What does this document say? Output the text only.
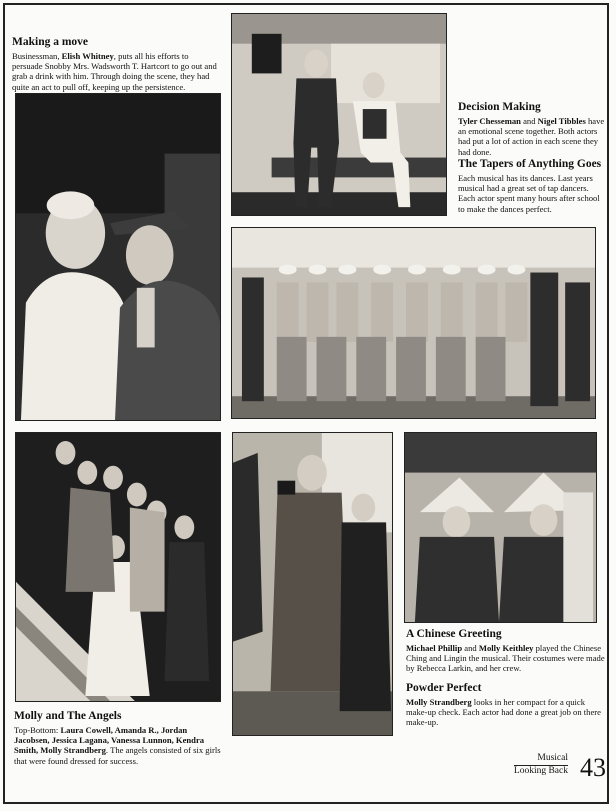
Making a move

Businessman, Elish Whitney, puts all his efforts to persuade Snobby Mrs. Wadsworth T. Hartcort to go out and grab a drink with him. Through doing the scene, they had quite an act to pull off, keeping up the persistence.

Decision Making

Tyler Chesseman and Nigel Tibbles have an emotional scene together. Both actors had put a lot of action in each scene they had done.

The Tapers of Anything Goes

Each musical has its dances. Last years musical had a great set of tap dancers. Each actor spent many hours after school to make the dances perfect.

Molly and The Angels

Top-Bottom: Laura Cowell, Amanda R., Jordan Jacobsen, Jessica Lagana, Vanessa Lunnon, Kendra Smith, Molly Strandberg. The angels consisted of six girls that were found dressed for success.

A Chinese Greeting

Michael Phillip and Molly Keithley played the Chinese Ching and Lingin the musical. Their costumes were made by Rebecca Larkin, and her crew.

Powder Perfect

Molly Strandberg looks in her compact for a quick make-up check. Each actor had done a great job on there make-up.

Musical
Looking Back 43
